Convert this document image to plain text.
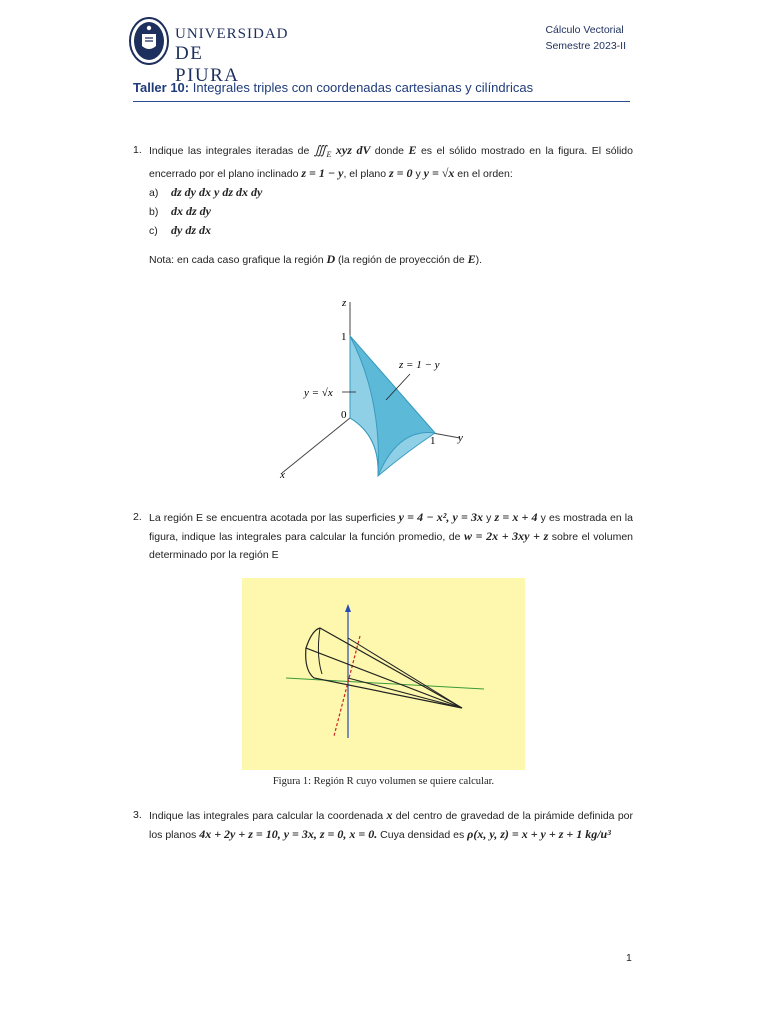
UNIVERSIDAD
DE PIURA
Cálculo Vectorial
Semestre 2023-II
Taller 10: Integrales triples con coordenadas cartesianas y cilíndricas
1. Indique las integrales iteradas de $∭_E$ xyz dV donde E es el sólido mostrado en la figura. El sólido encerrado por el plano inclinado z = 1 − y, el plano z = 0 y y = √x en el orden:
a) dz dy dx y dz dx dy
b) dx dz dy
c) dy dz dx
Nota: en cada caso grafique la región D (la región de proyección de E).
z
y
x
1
0
1
z = 1 − y
y = √x
2. La región E se encuentra acotada por las superficies y = 4 − x², y = 3x y z = x + 4 y es mostrada en la figura, indique las integrales para calcular la función promedio, de w = 2x + 3xy + z sobre el volumen determinado por la región E
Figura 1: Región R cuyo volumen se quiere calcular.
3. Indique las integrales para calcular la coordenada x del centro de gravedad de la pirámide definida por los planos 4x + 2y + z = 10, y = 3x, z = 0, x = 0. Cuya densidad es ρ(x, y, z) = x + y + z + 1 kg/u³
1
